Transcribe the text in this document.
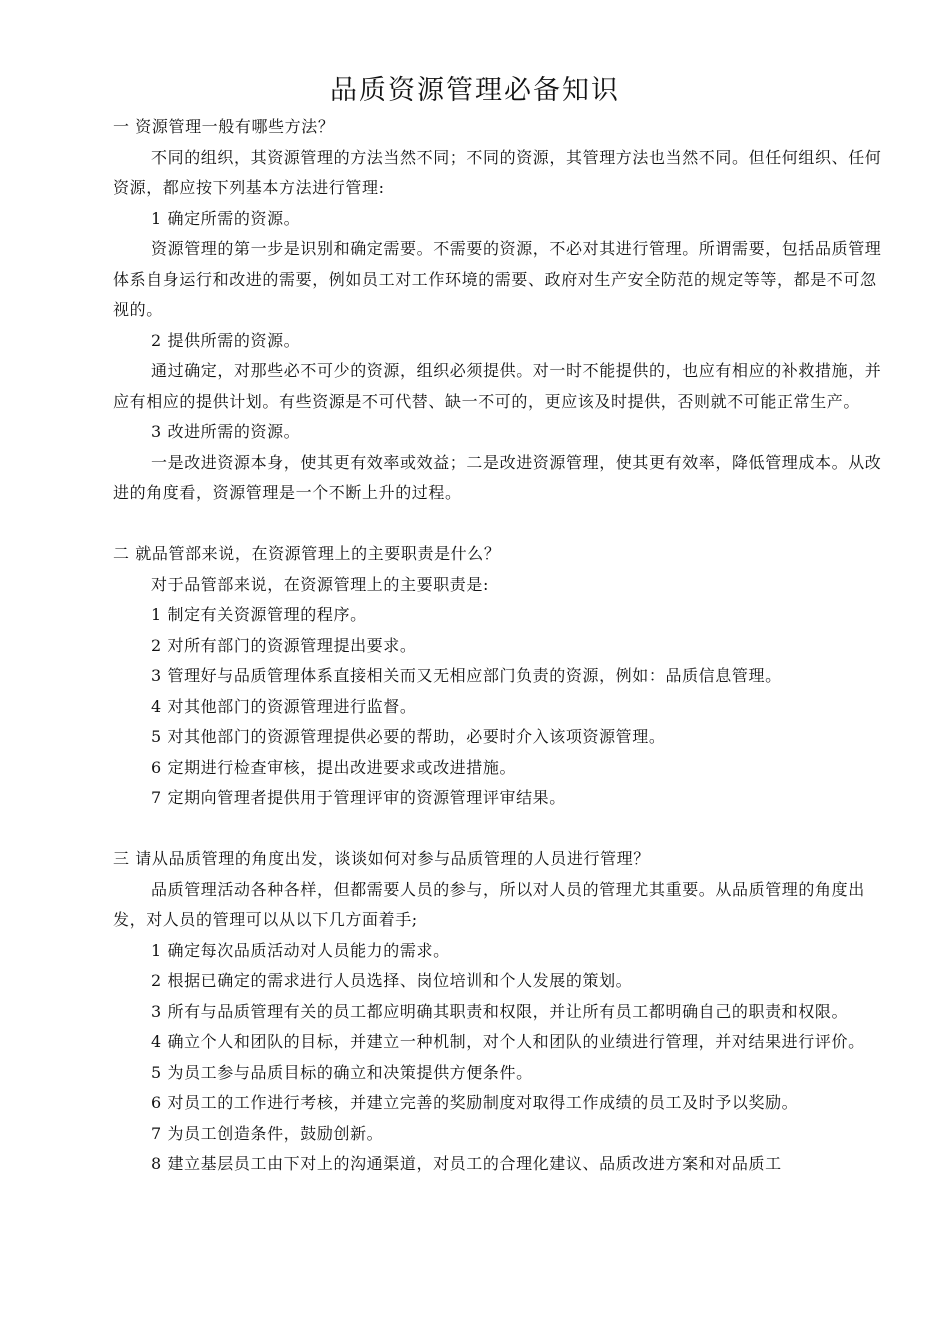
品质资源管理必备知识

一 资源管理一般有哪些方法？

不同的组织，其资源管理的方法当然不同；不同的资源，其管理方法也当然不同。但任何组织、任何资源，都应按下列基本方法进行管理:

1 确定所需的资源。

资源管理的第一步是识别和确定需要。不需要的资源，不必对其进行管理。所谓需要，包括品质管理体系自身运行和改进的需要，例如员工对工作环境的需要、政府对生产安全防范的规定等等，都是不可忽视的。

2 提供所需的资源。

通过确定，对那些必不可少的资源，组织必须提供。对一时不能提供的，也应有相应的补救措施，并应有相应的提供计划。有些资源是不可代替、缺一不可的，更应该及时提供，否则就不可能正常生产。

3 改进所需的资源。

一是改进资源本身，使其更有效率或效益；二是改进资源管理，使其更有效率，降低管理成本。从改进的角度看，资源管理是一个不断上升的过程。

二 就品管部来说，在资源管理上的主要职责是什么？

对于品管部来说，在资源管理上的主要职责是:

1 制定有关资源管理的程序。

2 对所有部门的资源管理提出要求。

3 管理好与品质管理体系直接相关而又无相应部门负责的资源，例如：品质信息管理。

4 对其他部门的资源管理进行监督。

5 对其他部门的资源管理提供必要的帮助，必要时介入该项资源管理。

6 定期进行检查审核，提出改进要求或改进措施。

7 定期向管理者提供用于管理评审的资源管理评审结果。

三 请从品质管理的角度出发，谈谈如何对参与品质管理的人员进行管理？

品质管理活动各种各样，但都需要人员的参与，所以对人员的管理尤其重要。从品质管理的角度出发，对人员的管理可以从以下几方面着手;

1 确定每次品质活动对人员能力的需求。

2 根据已确定的需求进行人员选择、岗位培训和个人发展的策划。

3 所有与品质管理有关的员工都应明确其职责和权限，并让所有员工都明确自己的职责和权限。

4 确立个人和团队的目标，并建立一种机制，对个人和团队的业绩进行管理，并对结果进行评价。

5 为员工参与品质目标的确立和决策提供方便条件。

6 对员工的工作进行考核，并建立完善的奖励制度对取得工作成绩的员工及时予以奖励。

7 为员工创造条件，鼓励创新。

8 建立基层员工由下对上的沟通渠道，对员工的合理化建议、品质改进方案和对品质工
